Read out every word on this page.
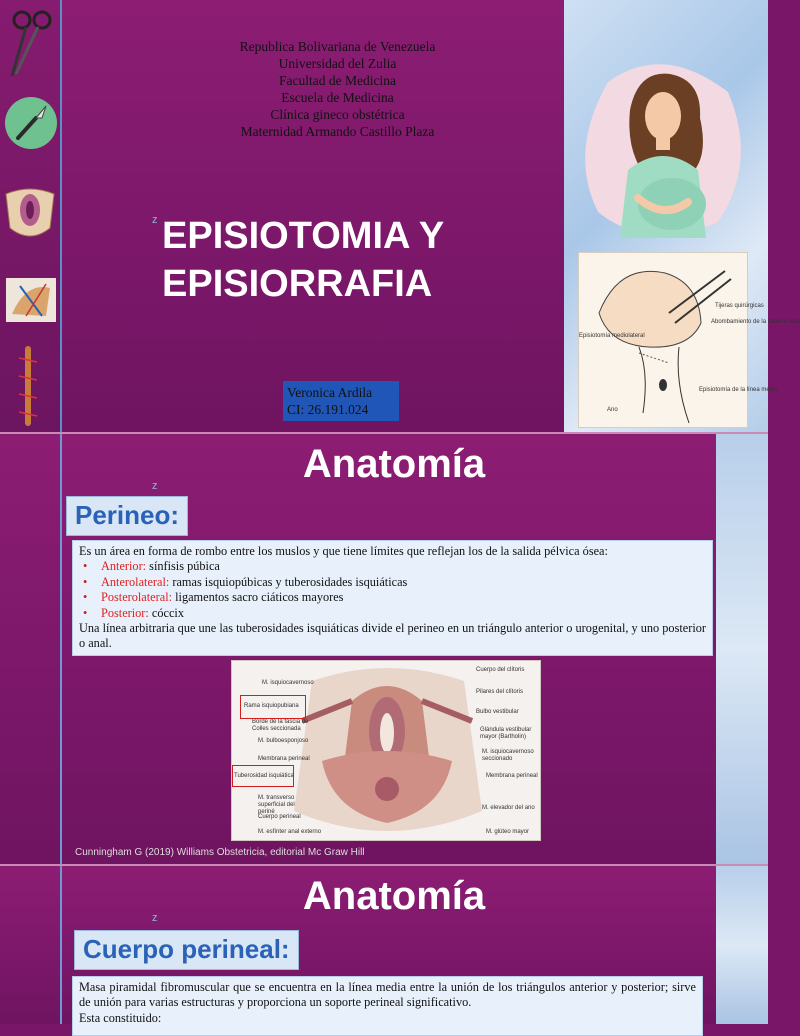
Tijeras quirúrgicas
Episiotomía mediolateral
Abombamiento de la cabeza fetal
Episiotomía de la línea media
Ano
Republica Bolivariana de Venezuela
Universidad del Zulia
Facultad de Medicina
Escuela de Medicina
Clínica gineco obstétrica
Maternidad Armando Castillo Plaza
z EPISIOTOMIA Y
EPISIORRAFIA
Veronica Ardila
CI: 26.191.024
Anatomía
z
Perineo:
Es un área en forma de rombo entre los muslos y que tiene límites que reflejan los de la salida pélvica ósea:
• Anterior: sínfisis púbica
• Anterolateral: ramas isquiopúbicas y tuberosidades isquiáticas
• Posterolateral: ligamentos sacro ciáticos mayores
• Posterior: cóccix
Una línea arbitraria que une las tuberosidades isquiáticas divide el perineo en un triángulo anterior o urogenital, y uno posterior o anal.
M. isquiocavernoso
Rama isquiopubiana
Borde de la fascia de Colles seccionada
M. bulboesponjoso
Membrana perineal
Tuberosidad isquiática
M. transverso superficial del periné
Cuerpo perineal
M. esfínter anal externo
Cuerpo del clítoris
Pilares del clítoris
Bulbo vestibular
Glándula vestibular mayor (Bartholin)
M. isquiocavernoso seccionado
Membrana perineal
M. elevador del ano
M. glúteo mayor
Cunningham G (2019) Williams Obstetricia, editorial Mc Graw Hill
Anatomía
z
Cuerpo perineal:
Masa piramidal fibromuscular que se encuentra en la línea media entre la unión de los triángulos anterior y posterior; sirve de unión para varias estructuras y proporciona un soporte perineal significativo.
Esta constituido:
